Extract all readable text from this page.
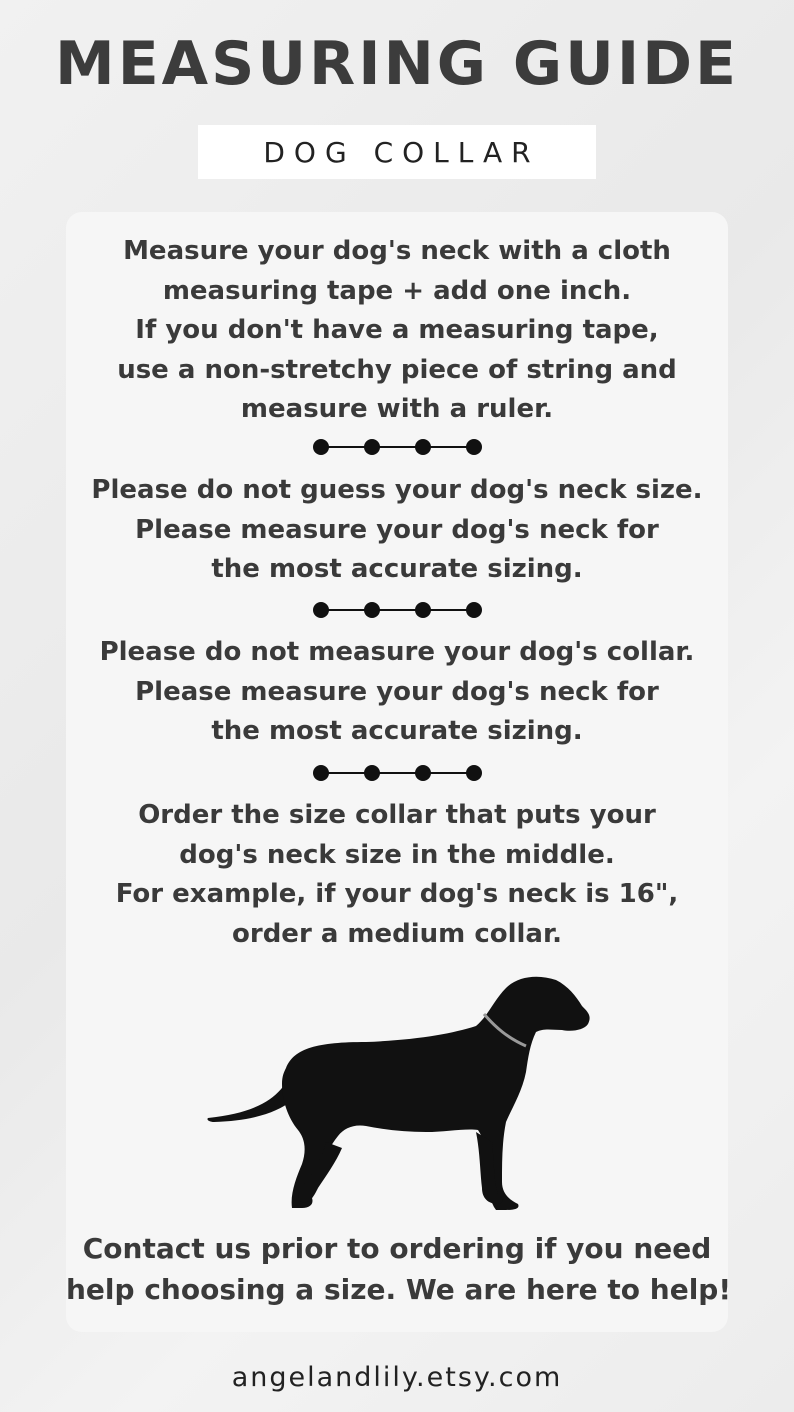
MEASURING GUIDE
DOG COLLAR
Measure your dog's neck with a cloth
measuring tape + add one inch.
If you don't have a measuring tape,
use a non-stretchy piece of string and
measure with a ruler.
Please do not guess your dog's neck size.
Please measure your dog's neck for
the most accurate sizing.
Please do not measure your dog's collar.
Please measure your dog's neck for
the most accurate sizing.
Order the size collar that puts your
dog's neck size in the middle.
For example, if your dog's neck is 16",
order a medium collar.
Contact us prior to ordering if you need
help choosing a size. We are here to help!
angelandlily.etsy.com
